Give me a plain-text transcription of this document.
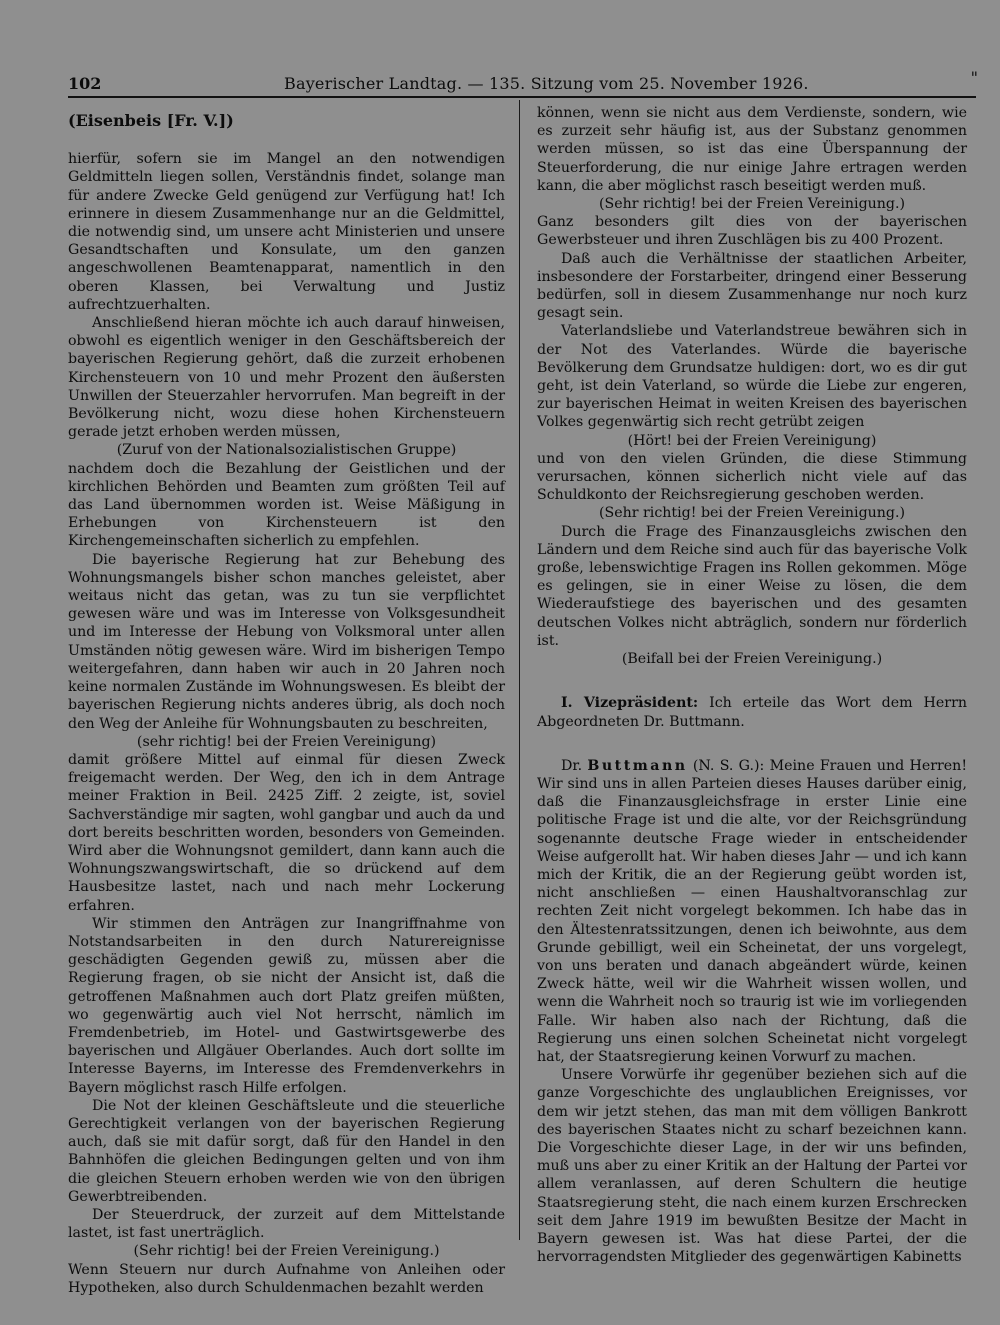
102	Bayerischer Landtag. — 135. Sitzung vom 25. November 1926.	"
(Eisenbeis [Fr. V.])

hierfür, sofern sie im Mangel an den notwendigen Geldmitteln liegen sollen, Verständnis findet, solange man für andere Zwecke Geld genügend zur Verfügung hat! Ich erinnere in diesem Zusammenhange nur an die Geldmittel, die notwendig sind, um unsere acht Ministerien und unsere Gesandtschaften und Konsulate, um den ganzen angeschwollenen Beamtenapparat, namentlich in den oberen Klassen, bei Verwaltung und Justiz aufrechtzuerhalten.

Anschließend hieran möchte ich auch darauf hinweisen, obwohl es eigentlich weniger in den Geschäftsbereich der bayerischen Regierung gehört, daß die zurzeit erhobenen Kirchensteuern von 10 und mehr Prozent den äußersten Unwillen der Steuerzahler hervorrufen. Man begreift in der Bevölkerung nicht, wozu diese hohen Kirchensteuern gerade jetzt erhoben werden müssen,

(Zuruf von der Nationalsozialistischen Gruppe)

nachdem doch die Bezahlung der Geistlichen und der kirchlichen Behörden und Beamten zum größten Teil auf das Land übernommen worden ist. Weise Mäßigung in Erhebungen von Kirchensteuern ist den Kirchengemeinschaften sicherlich zu empfehlen.

Die bayerische Regierung hat zur Behebung des Wohnungsmangels bisher schon manches geleistet, aber weitaus nicht das getan, was zu tun sie verpflichtet gewesen wäre und was im Interesse von Volksgesundheit und im Interesse der Hebung von Volksmoral unter allen Umständen nötig gewesen wäre. Wird im bisherigen Tempo weitergefahren, dann haben wir auch in 20 Jahren noch keine normalen Zustände im Wohnungswesen. Es bleibt der bayerischen Regierung nichts anderes übrig, als doch noch den Weg der Anleihe für Wohnungsbauten zu beschreiten,

(sehr richtig! bei der Freien Vereinigung)

damit größere Mittel auf einmal für diesen Zweck freigemacht werden. Der Weg, den ich in dem Antrage meiner Fraktion in Beil. 2425 Ziff. 2 zeigte, ist, soviel Sachverständige mir sagten, wohl gangbar und auch da und dort bereits beschritten worden, besonders von Gemeinden. Wird aber die Wohnungsnot gemildert, dann kann auch die Wohnungszwangswirtschaft, die so drückend auf dem Hausbesitze lastet, nach und nach mehr Lockerung erfahren.

Wir stimmen den Anträgen zur Inangriffnahme von Notstandsarbeiten in den durch Naturereignisse geschädigten Gegenden gewiß zu, müssen aber die Regierung fragen, ob sie nicht der Ansicht ist, daß die getroffenen Maßnahmen auch dort Platz greifen müßten, wo gegenwärtig auch viel Not herrscht, nämlich im Fremdenbetrieb, im Hotel- und Gastwirtsgewerbe des bayerischen und Allgäuer Oberlandes. Auch dort sollte im Interesse Bayerns, im Interesse des Fremdenverkehrs in Bayern möglichst rasch Hilfe erfolgen.

Die Not der kleinen Geschäftsleute und die steuerliche Gerechtigkeit verlangen von der bayerischen Regierung auch, daß sie mit dafür sorgt, daß für den Handel in den Bahnhöfen die gleichen Bedingungen gelten und von ihm die gleichen Steuern erhoben werden wie von den übrigen Gewerbtreibenden.

Der Steuerdruck, der zurzeit auf dem Mittelstande lastet, ist fast unerträglich.

(Sehr richtig! bei der Freien Vereinigung.)

Wenn Steuern nur durch Aufnahme von Anleihen oder Hypotheken, also durch Schuldenmachen bezahlt werden

können, wenn sie nicht aus dem Verdienste, sondern, wie es zurzeit sehr häufig ist, aus der Substanz genommen werden müssen, so ist das eine Überspannung der Steuerforderung, die nur einige Jahre ertragen werden kann, die aber möglichst rasch beseitigt werden muß.

(Sehr richtig! bei der Freien Vereinigung.)

Ganz besonders gilt dies von der bayerischen Gewerbsteuer und ihren Zuschlägen bis zu 400 Prozent.

Daß auch die Verhältnisse der staatlichen Arbeiter, insbesondere der Forstarbeiter, dringend einer Besserung bedürfen, soll in diesem Zusammenhange nur noch kurz gesagt sein.

Vaterlandsliebe und Vaterlandstreue bewähren sich in der Not des Vaterlandes. Würde die bayerische Bevölkerung dem Grundsatze huldigen: dort, wo es dir gut geht, ist dein Vaterland, so würde die Liebe zur engeren, zur bayerischen Heimat in weiten Kreisen des bayerischen Volkes gegenwärtig sich recht getrübt zeigen

(Hört! bei der Freien Vereinigung)

und von den vielen Gründen, die diese Stimmung verursachen, können sicherlich nicht viele auf das Schuldkonto der Reichsregierung geschoben werden.

(Sehr richtig! bei der Freien Vereinigung.)

Durch die Frage des Finanzausgleichs zwischen den Ländern und dem Reiche sind auch für das bayerische Volk große, lebenswichtige Fragen ins Rollen gekommen. Möge es gelingen, sie in einer Weise zu lösen, die dem Wiederaufstiege des bayerischen und des gesamten deutschen Volkes nicht abträglich, sondern nur förderlich ist.

(Beifall bei der Freien Vereinigung.)

I. Vizepräsident: Ich erteile das Wort dem Herrn Abgeordneten Dr. Buttmann.

Dr. Buttmann (N. S. G.): Meine Frauen und Herren! Wir sind uns in allen Parteien dieses Hauses darüber einig, daß die Finanzausgleichsfrage in erster Linie eine politische Frage ist und die alte, vor der Reichsgründung sogenannte deutsche Frage wieder in entscheidender Weise aufgerollt hat. Wir haben dieses Jahr — und ich kann mich der Kritik, die an der Regierung geübt worden ist, nicht anschließen — einen Haushaltvoranschlag zur rechten Zeit nicht vorgelegt bekommen. Ich habe das in den Ältestenratssitzungen, denen ich beiwohnte, aus dem Grunde gebilligt, weil ein Scheinetat, der uns vorgelegt, von uns beraten und danach abgeändert würde, keinen Zweck hätte, weil wir die Wahrheit wissen wollen, und wenn die Wahrheit noch so traurig ist wie im vorliegenden Falle. Wir haben also nach der Richtung, daß die Regierung uns einen solchen Scheinetat nicht vorgelegt hat, der Staatsregierung keinen Vorwurf zu machen.

Unsere Vorwürfe ihr gegenüber beziehen sich auf die ganze Vorgeschichte des unglaublichen Ereignisses, vor dem wir jetzt stehen, das man mit dem völligen Bankrott des bayerischen Staates nicht zu scharf bezeichnen kann. Die Vorgeschichte dieser Lage, in der wir uns befinden, muß uns aber zu einer Kritik an der Haltung der Partei vor allem veranlassen, auf deren Schultern die heutige Staatsregierung steht, die nach einem kurzen Erschrecken seit dem Jahre 1919 im bewußten Besitze der Macht in Bayern gewesen ist. Was hat diese Partei, der die hervorragendsten Mitglieder des gegenwärtigen Kabinetts
